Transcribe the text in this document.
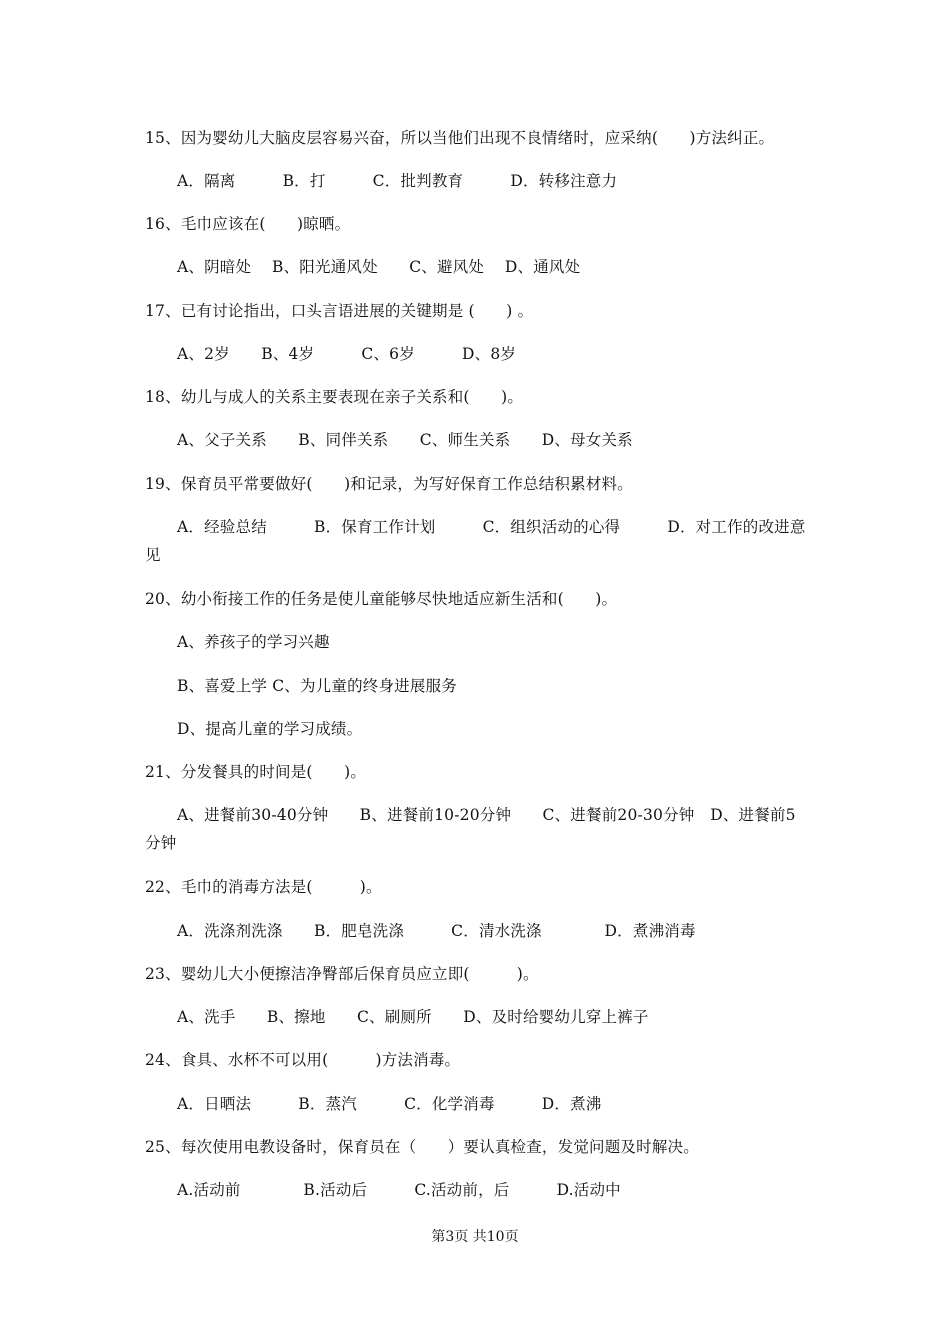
15、因为婴幼儿大脑皮层容易兴奋，所以当他们出现不良情绪时，应采纳(　　)方法纠正。
A．隔离　　　B．打　　　C．批判教育　　　D．转移注意力
16、毛巾应该在(　　)晾晒。
A、阴暗处　 B、阳光通风处　　C、避风处　 D、通风处
17、已有讨论指出，口头言语进展的关键期是 (　　) 。
A、2岁　　B、4岁　　　C、6岁　　　D、8岁
18、幼儿与成人的关系主要表现在亲子关系和(　　)。
A、父子关系　　B、同伴关系　　C、师生关系　　D、母女关系
19、保育员平常要做好(　　)和记录，为写好保育工作总结积累材料。
A．经验总结　　　B．保育工作计划　　　C．组织活动的心得　　　D．对工作的改进意见
20、幼小衔接工作的任务是使儿童能够尽快地适应新生活和(　　)。
A、养孩子的学习兴趣
B、喜爱上学 C、为儿童的终身进展服务
D、提高儿童的学习成绩。
21、分发餐具的时间是(　　)。
A、进餐前30-40分钟　　B、进餐前10-20分钟　　C、进餐前20-30分钟　D、进餐前5分钟
22、毛巾的消毒方法是(　　　)。
A．洗涤剂洗涤　　B．肥皂洗涤　　　C．清水洗涤　　　　D．煮沸消毒
23、婴幼儿大小便擦洁净臀部后保育员应立即(　　　)。
A、洗手　　B、擦地　　C、刷厕所　　D、及时给婴幼儿穿上裤子
24、食具、水杯不可以用(　　　)方法消毒。
A．日晒法　　　B．蒸汽　　　C．化学消毒　　　D．煮沸
25、每次使用电教设备时，保育员在（　　）要认真检查，发觉问题及时解决。
A.活动前　　　　B.活动后　　　C.活动前，后　　　D.活动中
第3页 共10页
